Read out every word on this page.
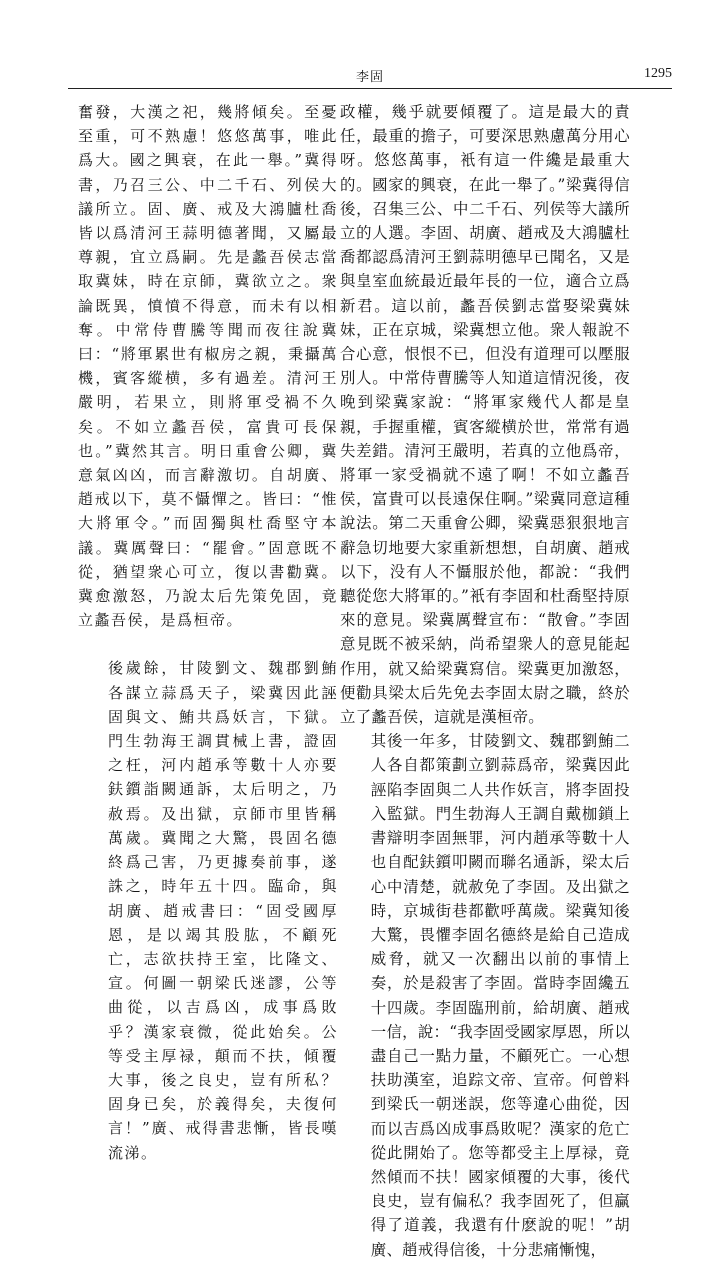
李固	1295

奮發，大漢之祀，幾將傾矣。至憂至重，可不熟慮！悠悠萬事，唯此爲大。國之興衰，在此一舉。”冀得書，乃召三公、中二千石、列侯大議所立。固、廣、戒及大鴻臚杜喬皆以爲清河王蒜明德著聞，又屬最尊親，宜立爲嗣。先是蠡吾侯志當取冀妹，時在京師，冀欲立之。衆論既異，憤憤不得意，而未有以相奪。中常侍曹騰等聞而夜往說冀曰：“將軍累世有椒房之親，秉攝萬機，賓客縱横，多有過差。清河王嚴明，若果立，則將軍受禍不久矣。不如立蠡吾侯，富貴可長保也。”冀然其言。明日重會公卿，冀意氣凶凶，而言辭激切。自胡廣、趙戒以下，莫不懾憚之。皆曰：“惟大將軍令。”而固獨與杜喬堅守本議。冀厲聲曰：“罷會。”固意既不從，猶望衆心可立，復以書勸冀。冀愈激怒，乃說太后先策免固，竟立蠡吾侯，是爲桓帝。

後歲餘，甘陵劉文、魏郡劉鮪各謀立蒜爲天子，梁冀因此誣固與文、鮪共爲妖言，下獄。門生勃海王調貫械上書，證固之枉，河内趙承等數十人亦要鈇鑕詣闕通訴，太后明之，乃赦焉。及出獄，京師市里皆稱萬歲。冀聞之大驚，畏固名德終爲己害，乃更據奏前事，遂誅之，時年五十四。臨命，與胡廣、趙戒書曰：“固受國厚恩，是以竭其股肱，不顧死亡，志欲扶持王室，比隆文、宣。何圖一朝梁氏迷謬，公等曲從，以吉爲凶，成事爲敗乎？漢家衰微，從此始矣。公等受主厚禄，顛而不扶，傾覆大事，後之良史，豈有所私？固身已矣，於義得矣，夫復何言！”廣、戒得書悲慚，皆長嘆流涕。

政權，幾乎就要傾覆了。這是最大的責任，最重的擔子，可要深思熟慮萬分用心呀。悠悠萬事，衹有這一件纔是最重大的。國家的興衰，在此一舉了。”梁冀得信後，召集三公、中二千石、列侯等大議所立的人選。李固、胡廣、趙戒及大鴻臚杜喬都認爲清河王劉蒜明德早已聞名，又是與皇室血統最近最年長的一位，適合立爲新君。這以前，蠡吾侯劉志當娶梁冀妹妹，正在京城，梁冀想立他。衆人報說不合心意，恨恨不已，但没有道理可以壓服別人。中常侍曹騰等人知道這情況後，夜晚到梁冀家說：“將軍家幾代人都是皇親，手握重權，賓客縱横於世，常常有過失差錯。清河王嚴明，若真的立他爲帝，將軍一家受禍就不遠了啊！不如立蠡吾侯，富貴可以長遠保住啊。”梁冀同意這種說法。第二天重會公卿，梁冀惡狠狠地言辭急切地要大家重新想想，自胡廣、趙戒以下，没有人不懾服於他，都說：“我們聽從您大將軍的。”衹有李固和杜喬堅持原來的意見。梁冀厲聲宣布：“散會。”李固意見既不被采納，尚希望衆人的意見能起作用，就又給梁冀寫信。梁冀更加激怒，便勸具梁太后先免去李固太尉之職，終於立了蠡吾侯，這就是漢桓帝。

其後一年多，甘陵劉文、魏郡劉鮪二人各自都策劃立劉蒜爲帝，梁冀因此誣陷李固與二人共作妖言，將李固投入監獄。門生勃海人王調自戴枷鎖上書辯明李固無罪，河内趙承等數十人也自配鈇鑕叩闕而聯名通訴，梁太后心中清楚，就赦免了李固。及出獄之時，京城街巷都歡呼萬歲。梁冀知後大驚，畏懼李固名德終是給自己造成威脅，就又一次翻出以前的事情上奏，於是殺害了李固。當時李固纔五十四歲。李固臨刑前，給胡廣、趙戒一信，說：“我李固受國家厚恩，所以盡自己一點力量，不顧死亡。一心想扶助漢室，追踪文帝、宣帝。何曾料到梁氏一朝迷誤，您等違心曲從，因而以吉爲凶成事爲敗呢？漢家的危亡從此開始了。您等都受主上厚禄，竟然傾而不扶！國家傾覆的大事，後代良史，豈有偏私？我李固死了，但贏得了道義，我還有什麽說的呢！”胡廣、趙戒得信後，十分悲痛慚愧，
